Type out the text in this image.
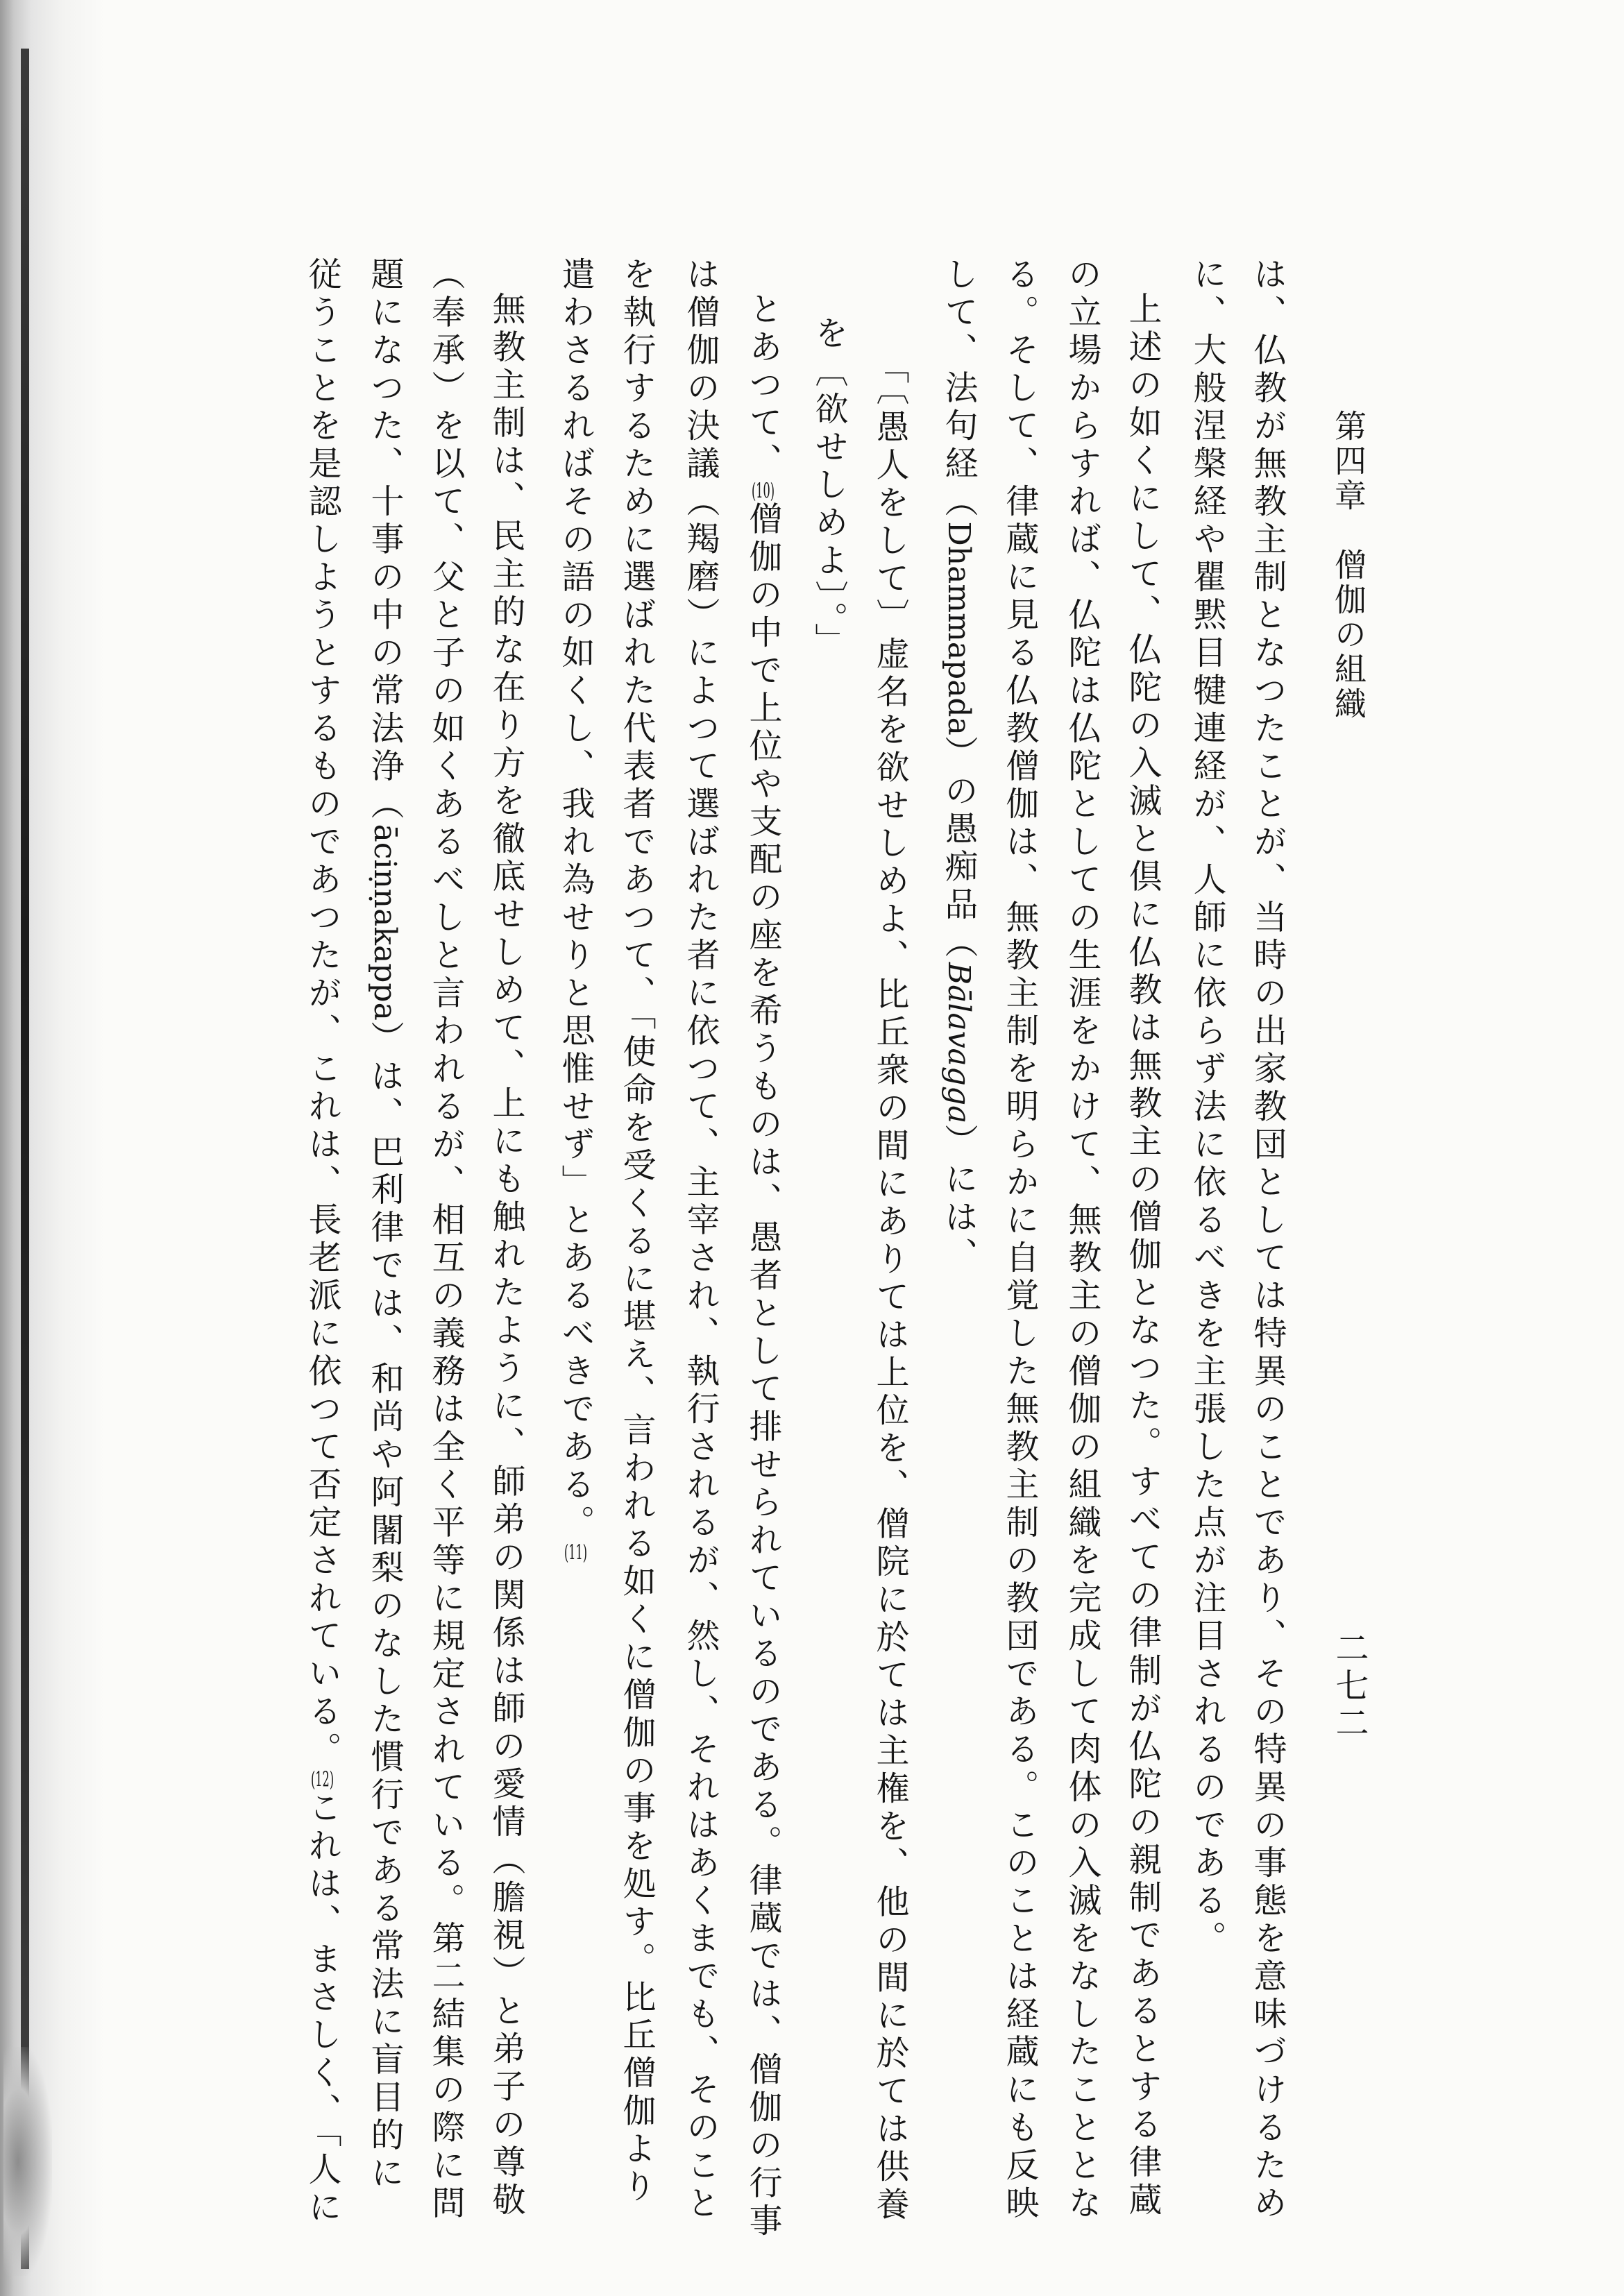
二七二
第四章　僧伽の組織
は、仏教が無教主制となつたことが、当時の出家教団としては特異のことであり、その特異の事態を意味づけるため
に、大般涅槃経や瞿黙目犍連経が、人師に依らず法に依るべきを主張した点が注目されるのである。
上述の如くにして、仏陀の入滅と倶に仏教は無教主の僧伽となつた。すべての律制が仏陀の親制であるとする律蔵
の立場からすれば、仏陀は仏陀としての生涯をかけて、無教主の僧伽の組織を完成して肉体の入滅をなしたこととな
る。そして、律蔵に見る仏教僧伽は、無教主制を明らかに自覚した無教主制の教団である。このことは経蔵にも反映
して、法句経（Dhammapada）の愚痴品（Bālavagga）には、
「〔愚人をして〕虚名を欲せしめよ、比丘衆の間にありては上位を、僧院に於ては主権を、他の間に於ては供養
を〔欲せしめよ〕。」
とあつて、(10)僧伽の中で上位や支配の座を希うものは、愚者として排せられているのである。律蔵では、僧伽の行事
は僧伽の決議（羯磨）によつて選ばれた者に依つて、主宰され、執行されるが、然し、それはあくまでも、そのこと
を執行するために選ばれた代表者であつて、「使命を受くるに堪え、言われる如くに僧伽の事を処す。比丘僧伽より
遣わさるればその語の如くし、我れ為せりと思惟せず」とあるべきである。(11)
無教主制は、民主的な在り方を徹底せしめて、上にも触れたように、師弟の関係は師の愛情（膽視）と弟子の尊敬
（奉承）を以て、父と子の如くあるべしと言われるが、相互の義務は全く平等に規定されている。第二結集の際に問
題になつた、十事の中の常法浄（āciṇṇakappa）は、巴利律では、和尚や阿闍梨のなした慣行である常法に盲目的に
従うことを是認しようとするものであつたが、これは、長老派に依つて否定されている。(12)これは、まさしく、「人に
